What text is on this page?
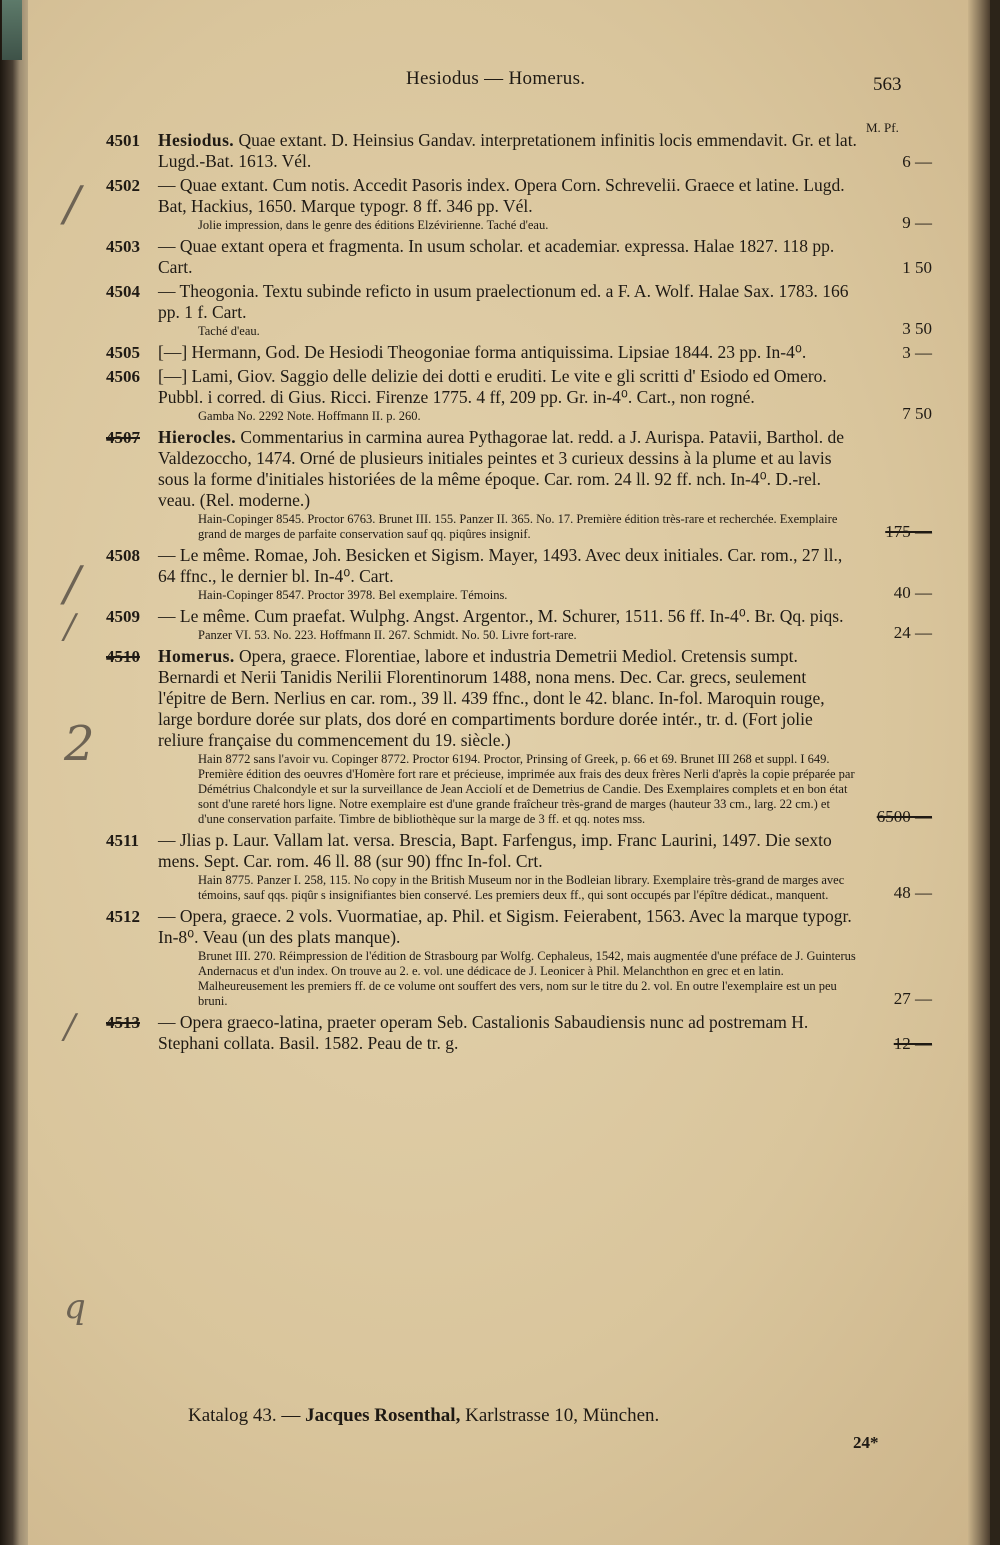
/
/
/
2
/
q
Hesiodus — Homerus.	563
M. Pf.
4501	Hesiodus. Quae extant. D. Heinsius Gandav. interpretationem infinitis locis emmendavit. Gr. et lat. Lugd.-Bat. 1613. Vél.	6 —
4502	— Quae extant. Cum notis. Accedit Pasoris index. Opera Corn. Schrevelii. Graece et latine. Lugd. Bat, Hackius, 1650. Marque typogr. 8 ff. 346 pp. Vél.
Jolie impression, dans le genre des éditions Elzévirienne. Taché d'eau.	9 —
4503	— Quae extant opera et fragmenta. In usum scholar. et academiar. expressa. Halae 1827. 118 pp. Cart.	1 50
4504	— Theogonia. Textu subinde reficto in usum praelectionum ed. a F. A. Wolf. Halae Sax. 1783. 166 pp. 1 f. Cart.
Taché d'eau.	3 50
4505	[—] Hermann, God. De Hesiodi Theogoniae forma antiquissima. Lipsiae 1844. 23 pp. In-4⁰.	3 —
4506	[—] Lami, Giov. Saggio delle delizie dei dotti e eruditi. Le vite e gli scritti d' Esiodo ed Omero. Pubbl. i corred. di Gius. Ricci. Firenze 1775. 4 ff, 209 pp. Gr. in-4⁰. Cart., non rogné.
Gamba No. 2292 Note. Hoffmann II. p. 260.	7 50
4507	Hierocles. Commentarius in carmina aurea Pythagorae lat. redd. a J. Aurispa. Patavii, Barthol. de Valdezoccho, 1474. Orné de plusieurs initiales peintes et 3 curieux dessins à la plume et au lavis sous la forme d'initiales historiées de la même époque. Car. rom. 24 ll. 92 ff. nch. In-4⁰. D.-rel. veau. (Rel. moderne.)
Hain-Copinger 8545. Proctor 6763. Brunet III. 155. Panzer II. 365. No. 17. Première édition très-rare et recherchée. Exemplaire grand de marges de parfaite conservation sauf qq. piqûres insignif.	175 —
4508	— Le même. Romae, Joh. Besicken et Sigism. Mayer, 1493. Avec deux initiales. Car. rom., 27 ll., 64 ffnc., le dernier bl. In-4⁰. Cart.
Hain-Copinger 8547. Proctor 3978. Bel exemplaire. Témoins.	40 —
4509	— Le même. Cum praefat. Wulphg. Angst. Argentor., M. Schurer, 1511. 56 ff. In-4⁰. Br. Qq. piqs.
Panzer VI. 53. No. 223. Hoffmann II. 267. Schmidt. No. 50. Livre fort-rare.	24 —
4510	Homerus. Opera, graece. Florentiae, labore et industria Demetrii Mediol. Cretensis sumpt. Bernardi et Nerii Tanidis Nerilii Florentinorum 1488, nona mens. Dec. Car. grecs, seulement l'épitre de Bern. Nerlius en car. rom., 39 ll. 439 ffnc., dont le 42. blanc. In-fol. Maroquin rouge, large bordure dorée sur plats, dos doré en compartiments bordure dorée intér., tr. d. (Fort jolie reliure française du commencement du 19. siècle.)
Hain 8772 sans l'avoir vu. Copinger 8772. Proctor 6194. Proctor, Prinsing of Greek, p. 66 et 69. Brunet III 268 et suppl. I 649. Première édition des oeuvres d'Homère fort rare et précieuse, imprimée aux frais des deux frères Nerli d'après la copie préparée par Démétrius Chalcondyle et sur la surveillance de Jean Acciolí et de Demetrius de Candie. Des Exemplaires complets et en bon état sont d'une rareté hors ligne. Notre exemplaire est d'une grande fraîcheur très-grand de marges (hauteur 33 cm., larg. 22 cm.) et d'une conservation parfaite. Timbre de bibliothèque sur la marge de 3 ff. et qq. notes mss.	6500 —
4511	— Jlias p. Laur. Vallam lat. versa. Brescia, Bapt. Farfengus, imp. Franc Laurini, 1497. Die sexto mens. Sept. Car. rom. 46 ll. 88 (sur 90) ffnc In-fol. Crt.
Hain 8775. Panzer I. 258, 115. No copy in the British Museum nor in the Bodleian library. Exemplaire très-grand de marges avec témoins, sauf qqs. piqûr s insignifiantes bien conservé. Les premiers deux ff., qui sont occupés par l'épître dédicat., manquent.	48 —
4512	— Opera, graece. 2 vols. Vuormatiae, ap. Phil. et Sigism. Feierabent, 1563. Avec la marque typogr. In-8⁰. Veau (un des plats manque).
Brunet III. 270. Réimpression de l'édition de Strasbourg par Wolfg. Cephaleus, 1542, mais augmentée d'une préface de J. Guinterus Andernacus et d'un index. On trouve au 2. e. vol. une dédicace de J. Leonicer à Phil. Melanchthon en grec et en latin. Malheureusement les premiers ff. de ce volume ont souffert des vers, nom sur le titre du 2. vol. En outre l'exemplaire est un peu bruni.	27 —
4513	— Opera graeco-latina, praeter operam Seb. Castalionis Sabaudiensis nunc ad postremam H. Stephani collata. Basil. 1582. Peau de tr. g.	12 —
Katalog 43. — Jacques Rosenthal, Karlstrasse 10, München.
24*
